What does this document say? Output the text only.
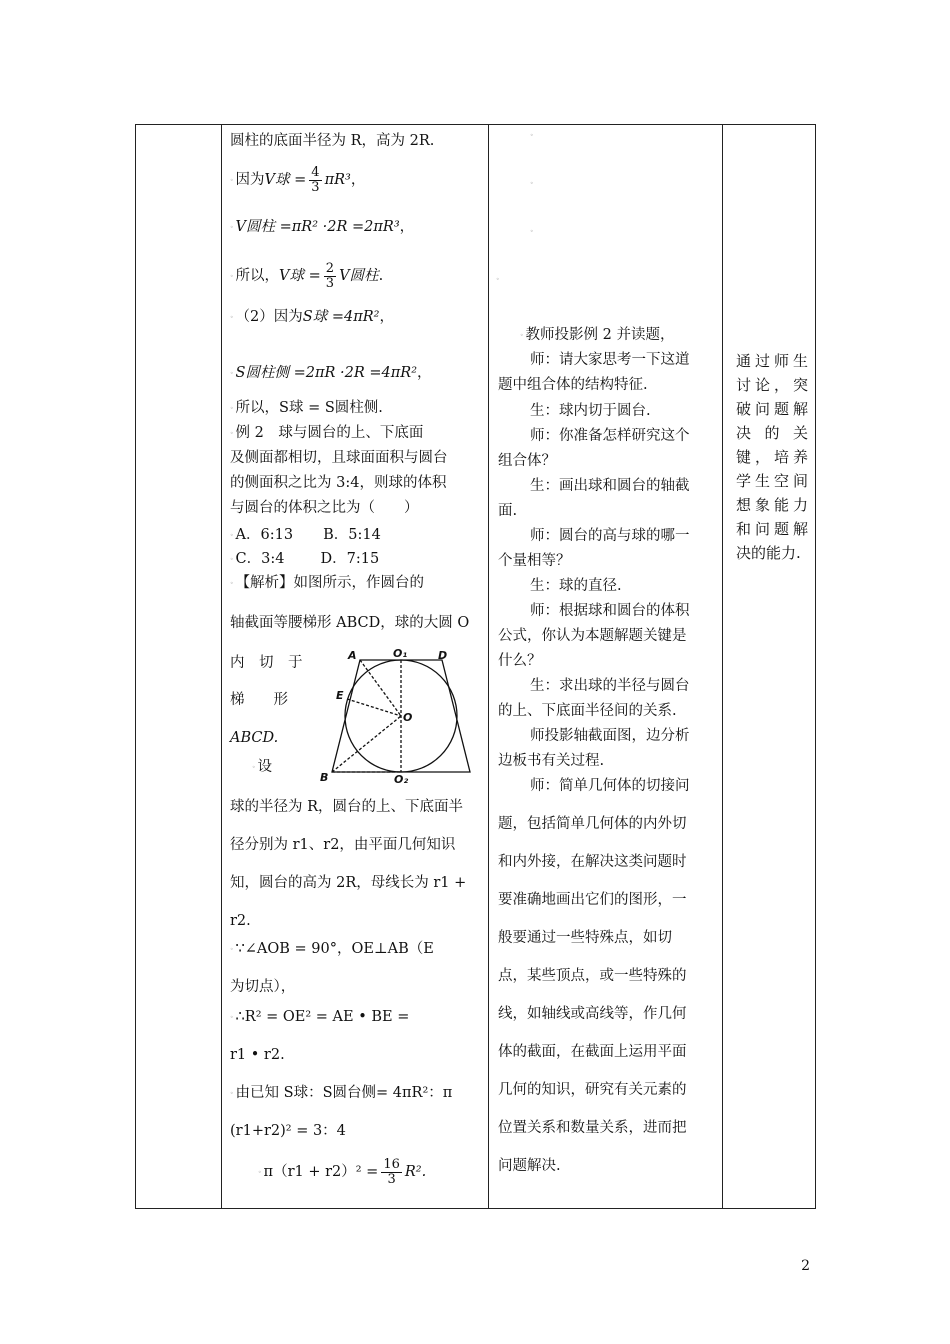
圆柱的底面半径为 R，高为 2R.
◦ 因为V球 = $\frac{4}{3} \pi R^3$，
◦ V圆柱 =πR² ·2R =2πR³，
◦ 所以，V球 = $\frac{2}{3}$ V圆柱.
◦ （2）因为S球 =4πR²，
◦ S圆柱侧 =2πR ·2R =4πR²，
◦ 所以，S球 = S圆柱侧.
◦ 例 2　球与圆台的上、下底面
及侧面都相切，且球面面积与圆台
的侧面积之比为 3:4，则球的体积
与圆台的体积之比为（　　）
◦ A．6:13 B．5:14
◦ C．3:4 D．7:15
◦ 【解析】如图所示，作圆台的
轴截面等腰梯形 ABCD，球的大圆 O
内　切　于
梯　　形
ABCD.
◦ 设
A	D
O₁
E
O
B	O₂
球的半径为 R，圆台的上、下底面半
径分别为 r1、r2，由平面几何知识
知，圆台的高为 2R，母线长为 r1 +
r2.
◦ ∵∠AOB = 90°，OE⊥AB（E
为切点），
◦ ∴R² = OE² = AE • BE =
r1 • r2.
◦ 由已知 S球：S圆台侧= 4πR²：π
(r1+r2)² = 3：4
◦ $\pi(r1 + r2)^2 = \frac{16}{3} R^2$.
◦
◦
◦
◦
◦ 教师投影例 2 并读题，
师：请大家思考一下这道
题中组合体的结构特征.
生：球内切于圆台.
师：你准备怎样研究这个
组合体？
生：画出球和圆台的轴截
面.
师：圆台的高与球的哪一
个量相等？
生：球的直径.
师：根据球和圆台的体积
公式，你认为本题解题关键是
什么？
生：求出球的半径与圆台
的上、下底面半径间的关系.
师投影轴截面图，边分析
边板书有关过程.
师：简单几何体的切接问
题，包括简单几何体的内外切
和内外接，在解决这类问题时
要准确地画出它们的图形，一
般要通过一些特殊点，如切
点，某些顶点，或一些特殊的
线，如轴线或高线等，作几何
体的截面，在截面上运用平面
几何的知识，研究有关元素的
位置关系和数量关系，进而把
问题解决.
通过师生
讨论，突
破问题解
决 的 关
键，培养
学生空间
想象能力
和问题解
决的能力.
2
